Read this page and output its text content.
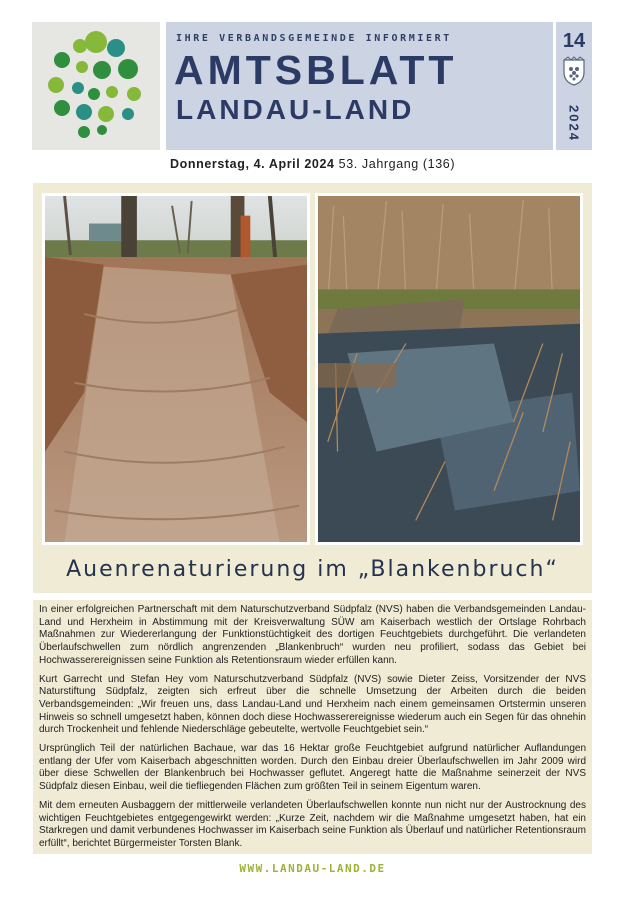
IHRE VERBANDSGEMEINDE INFORMIERT
AMTSBLATT
LANDAU-LAND
14
2024
Donnerstag, 4. April 2024 53. Jahrgang (136)
Auenrenaturierung im „Blankenbruch“

In einer erfolgreichen Partnerschaft mit dem Naturschutzverband Südpfalz (NVS) haben die Verbandsgemeinden Landau-Land und Herxheim in Abstimmung mit der Kreisverwaltung SÜW am Kaiserbach westlich der Ortslage Rohrbach Maßnahmen zur Wiedererlangung der Funktionstüchtigkeit des dortigen Feuchtgebiets durchgeführt. Die verlandeten Überlaufschwellen zum nördlich angrenzenden „Blankenbruch“ wurden neu profiliert, sodass das Gebiet bei Hochwasserereignissen seine Funktion als Retentionsraum wieder erfüllen kann.

Kurt Garrecht und Stefan Hey vom Naturschutzverband Südpfalz (NVS) sowie Dieter Zeiss, Vorsitzender der NVS Naturstiftung Südpfalz, zeigten sich erfreut über die schnelle Umsetzung der Arbeiten durch die beiden Verbandsgemeinden: „Wir freuen uns, dass Landau-Land und Herxheim nach einem gemeinsamen Ortstermin unseren Hinweis so schnell umgesetzt haben, können doch diese Hochwasserereignisse wiederum auch ein Segen für das ohnehin durch Trockenheit und fehlende Niederschläge gebeutelte, wertvolle Feuchtgebiet sein.“

Ursprünglich Teil der natürlichen Bachaue, war das 16 Hektar große Feuchtgebiet aufgrund natürlicher Auflandungen entlang der Ufer vom Kaiserbach abgeschnitten worden. Durch den Einbau dreier Überlaufschwellen im Jahr 2009 wird über diese Schwellen der Blankenbruch bei Hochwasser geflutet. Angeregt hatte die Maßnahme seinerzeit der NVS Südpfalz diesen Einbau, weil die tiefliegenden Flächen zum größten Teil in seinem Eigentum waren.

Mit dem erneuten Ausbaggern der mittlerweile verlandeten Überlaufschwellen konnte nun nicht nur der Austrocknung des wichtigen Feuchtgebietes entgegengewirkt werden: „Kurze Zeit, nachdem wir die Maßnahme umgesetzt haben, hat ein Starkregen und damit verbundenes Hochwasser im Kaiserbach seine Funktion als Überlauf und natürlicher Retentionsraum erfüllt“, berichtet Bürgermeister Torsten Blank.

WWW.LANDAU-LAND.DE
